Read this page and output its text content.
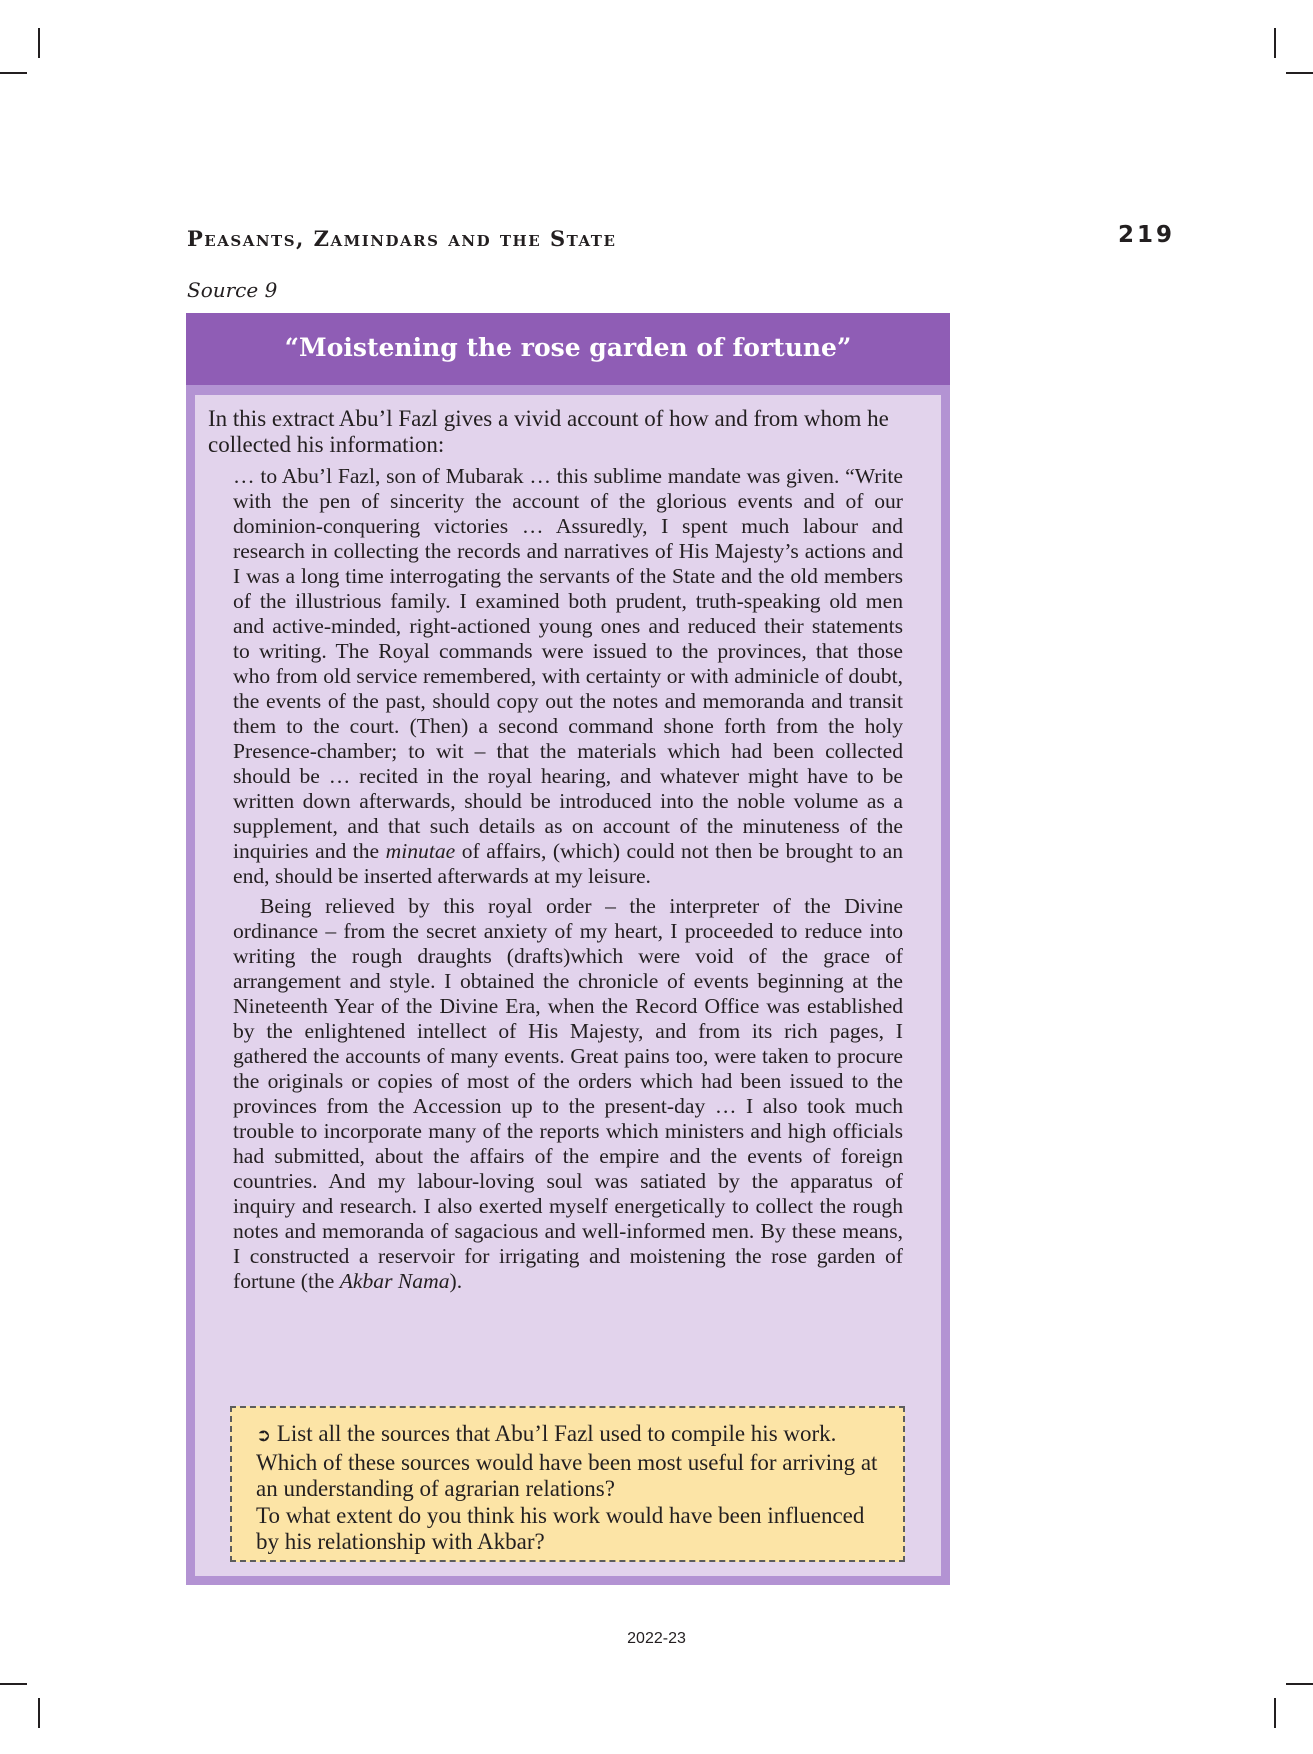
Peasants, Zamindars and the State	219
Source 9
“Moistening the rose garden of fortune”
In this extract Abu’l Fazl gives a vivid account of how and from whom he collected his information:

… to Abu’l Fazl, son of Mubarak … this sublime mandate was given. “Write with the pen of sincerity the account of the glorious events and of our dominion-conquering victories … Assuredly, I spent much labour and research in collecting the records and narratives of His Majesty’s actions and I was a long time interrogating the servants of the State and the old members of the illustrious family. I examined both prudent, truth-speaking old men and active-minded, right-actioned young ones and reduced their statements to writing. The Royal commands were issued to the provinces, that those who from old service remembered, with certainty or with adminicle of doubt, the events of the past, should copy out the notes and memoranda and transit them to the court. (Then) a second command shone forth from the holy Presence-chamber; to wit – that the materials which had been collected should be … recited in the royal hearing, and whatever might have to be written down afterwards, should be introduced into the noble volume as a supplement, and that such details as on account of the minuteness of the inquiries and the minutae of affairs, (which) could not then be brought to an end, should be inserted afterwards at my leisure.

Being relieved by this royal order – the interpreter of the Divine ordinance – from the secret anxiety of my heart, I proceeded to reduce into writing the rough draughts (drafts)which were void of the grace of arrangement and style. I obtained the chronicle of events beginning at the Nineteenth Year of the Divine Era, when the Record Office was established by the enlightened intellect of His Majesty, and from its rich pages, I gathered the accounts of many events. Great pains too, were taken to procure the originals or copies of most of the orders which had been issued to the provinces from the Accession up to the present-day … I also took much trouble to incorporate many of the reports which ministers and high officials had submitted, about the affairs of the empire and the events of foreign countries. And my labour-loving soul was satiated by the apparatus of inquiry and research. I also exerted myself energetically to collect the rough notes and memoranda of sagacious and well-informed men. By these means, I constructed a reservoir for irrigating and moistening the rose garden of fortune (the Akbar Nama).

➲ List all the sources that Abu’l Fazl used to compile his work. Which of these sources would have been most useful for arriving at an understanding of agrarian relations?

To what extent do you think his work would have been influenced by his relationship with Akbar?

2022-23
